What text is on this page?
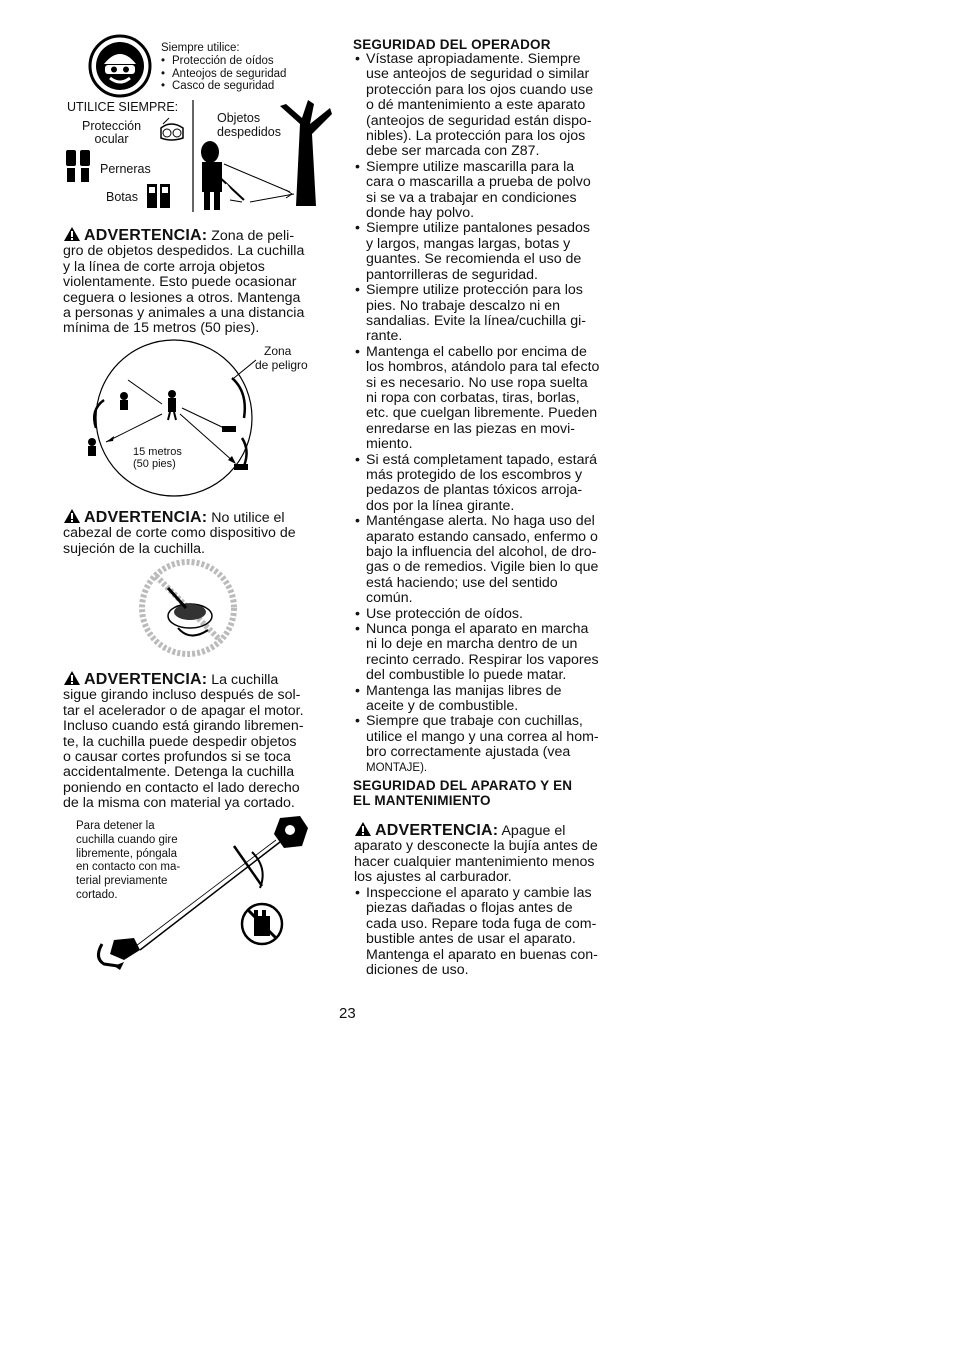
Siempre utilice:
• Protección de oídos
• Anteojos de seguridad
• Casco de seguridad
UTILICE SIEMPRE:
Protección
ocular
Perneras
Botas
Objetos
despedidos
ADVERTENCIA: Zona de peli-
gro de objetos despedidos. La cuchilla
y la línea de corte arroja objetos
violentamente. Esto puede ocasionar
ceguera o lesiones a otros. Mantenga
a personas y animales a una distancia
mínima de 15 metros (50 pies).
Zona
de peligro
15 metros
(50 pies)
ADVERTENCIA: No utilice el
cabezal de corte como dispositivo de
sujeción de la cuchilla.
ADVERTENCIA: La cuchilla
sigue girando incluso después de sol-
tar el acelerador o de apagar el motor.
Incluso cuando está girando libremen-
te, la cuchilla puede despedir objetos
o causar cortes profundos si se toca
accidentalmente. Detenga la cuchilla
poniendo en contacto el lado derecho
de la misma con material ya cortado.
Para detener la
cuchilla cuando gire
libremente, póngala
en contacto con ma-
terial previamente
cortado.
SEGURIDAD DEL OPERADOR
• Vístase apropiadamente. Siempre
use anteojos de seguridad o similar
protección para los ojos cuando use
o dé mantenimiento a este aparato
(anteojos de seguridad están dispo-
nibles). La protección para los ojos
debe ser marcada con Z87.
• Siempre utilize mascarilla para la
cara o mascarilla a prueba de polvo
si se va a trabajar en condiciones
donde hay polvo.
• Siempre utilize pantalones pesados
y largos, mangas largas, botas y
guantes. Se recomienda el uso de
pantorrilleras de seguridad.
• Siempre utilize protección para los
pies. No trabaje descalzo ni en
sandalias. Evite la línea/cuchilla gi-
rante.
• Mantenga el cabello por encima de
los hombros, atándolo para tal efecto
si es necesario. No use ropa suelta
ni ropa con corbatas, tiras, borlas,
etc. que cuelgan libremente. Pueden
enredarse en las piezas en movi-
miento.
• Si está completament tapado, estará
más protegido de los escombros y
pedazos de plantas tóxicos arroja-
dos por la línea girante.
• Manténgase alerta. No haga uso del
aparato estando cansado, enfermo o
bajo la influencia del alcohol, de dro-
gas o de remedios. Vigile bien lo que
está haciendo; use del sentido
común.
• Use protección de oídos.
• Nunca ponga el aparato en marcha
ni lo deje en marcha dentro de un
recinto cerrado. Respirar los vapores
del combustible lo puede matar.
• Mantenga las manijas libres de
aceite y de combustible.
• Siempre que trabaje con cuchillas,
utilice el mango y una correa al hom-
bro correctamente ajustada (vea
MONTAJE).
SEGURIDAD DEL APARATO Y EN
EL MANTENIMIENTO
ADVERTENCIA: Apague el
aparato y desconecte la bujía antes de
hacer cualquier mantenimiento menos
los ajustes al carburador.
• Inspeccione el aparato y cambie las
piezas dañadas o flojas antes de
cada uso. Repare toda fuga de com-
bustible antes de usar el aparato.
Mantenga el aparato en buenas con-
diciones de uso.
23
